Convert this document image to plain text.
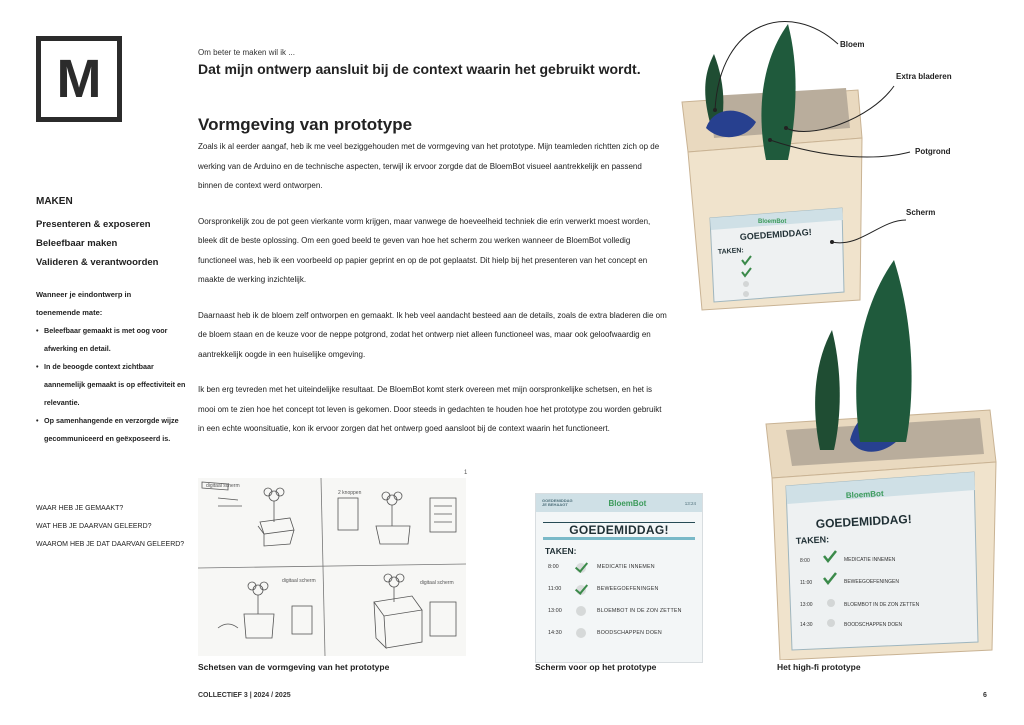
M
MAKEN
Presenteren & exposeren
Beleefbaar maken
Valideren & verantwoorden
Wanneer je eindontwerp in
toenemende mate:
• Beleefbaar gemaakt is met oog voor
afwerking en detail.
• In de beoogde context zichtbaar
aannemelijk gemaakt is op effectiviteit en
relevantie.
• Op samenhangende en verzorgde wijze
gecommuniceerd en geëxposeerd is.
WAAR HEB JE GEMAAKT?
WAT HEB JE DAARVAN GELEERD?
WAAROM HEB JE DAT DAARVAN GELEERD?
Om beter te maken wil ik ...
Dat mijn ontwerp aansluit bij de context waarin het gebruikt wordt.
Vormgeving van prototype

Zoals ik al eerder aangaf, heb ik me veel beziggehouden met de vormgeving van het prototype. Mijn teamleden richtten zich op de werking van de Arduino en de technische aspecten, terwijl ik ervoor zorgde dat de BloemBot visueel aantrekkelijk en passend binnen de context werd ontworpen.

Oorspronkelijk zou de pot geen vierkante vorm krijgen, maar vanwege de hoeveelheid techniek die erin verwerkt moest worden, bleek dit de beste oplossing. Om een goed beeld te geven van hoe het scherm zou werken wanneer de BloemBot volledig functioneel was, heb ik een voorbeeld op papier geprint en op de pot geplaatst. Dit hielp bij het presenteren van het concept en maakte de werking inzichtelijk.

Daarnaast heb ik de bloem zelf ontworpen en gemaakt. Ik heb veel aandacht besteed aan de details, zoals de extra bladeren die om de bloem staan en de keuze voor de neppe potgrond, zodat het ontwerp niet alleen functioneel was, maar ook geloofwaardig en aantrekkelijk oogde in een huiselijke omgeving.

Ik ben erg tevreden met het uiteindelijke resultaat. De BloemBot komt sterk overeen met mijn oorspronkelijke schetsen, en het is mooi om te zien hoe het concept tot leven is gekomen. Door steeds in gedachten te houden hoe het prototype zou worden gebruikt in een echte woonsituatie, kon ik ervoor zorgen dat het ontwerp goed aansloot bij de context waarin het functioneert.

1
digitaal scherm
2 knoppen
digitaal scherm	digitaal scherm
Schetsen van de vormgeving van het prototype
GOEDEMIDDAG JE BEHAAGT	BloemBot	13:24
GOEDEMIDDAG!
TAKEN:
8:00	MEDICATIE INNEMEN
11:00	BEWEEGOEFENINGEN
13:00	BLOEMBOT IN DE ZON ZETTEN
14:30	BOODSCHAPPEN DOEN
Scherm voor op het prototype
BloemBot
GOEDEMIDDAG!
TAKEN:
BloemBot
GOEDEMIDDAG!
TAKEN:
8:00	MEDICATIE INNEMEN
11:00	BEWEEGOEFENINGEN
13:00	BLOEMBOT IN DE ZON ZETTEN
14:30	BOODSCHAPPEN DOEN
Bloem
Extra bladeren
Potgrond
Scherm
Het high-fi prototype
COLLECTIEF 3 | 2024 / 2025	6
